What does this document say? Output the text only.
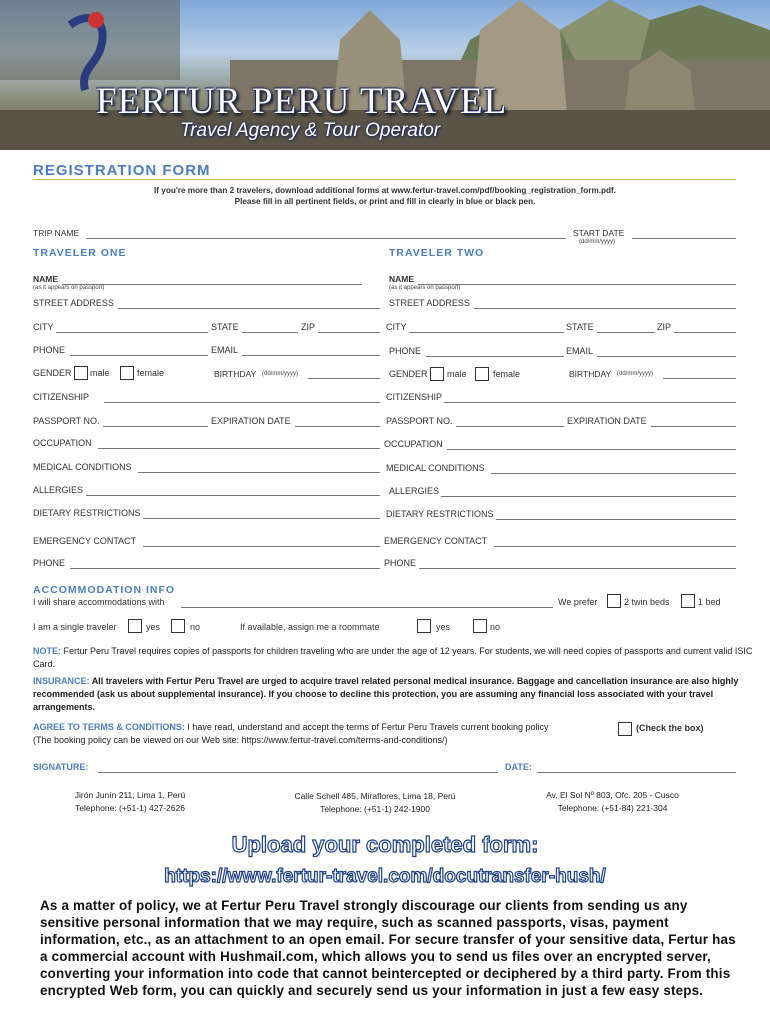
FERTUR PERU TRAVEL
Travel Agency & Tour Operator
REGISTRATION FORM
If you're more than 2 travelers, download additional forms at www.fertur-travel.com/pdf/booking_registration_form.pdf.
Please fill in all pertinent fields, or print and fill in clearly in blue or black pen.
TRIP NAME	START DATE
(dd/mm/yyyy)
TRAVELER ONE	TRAVELER TWO
NAME
(as it appears on passport)
STREET ADDRESS
CITY	STATE	ZIP
PHONE	EMAIL
GENDER male	female	BIRTHDAY (dd/mm/yyyy)
CITIZENSHIP
PASSPORT NO.	EXPIRATION DATE
OCCUPATION
MEDICAL CONDITIONS
ALLERGIES
DIETARY RESTRICTIONS
EMERGENCY CONTACT
PHONE
NAME
(as it appears on passport)
STREET ADDRESS
CITY	STATE	ZIP
PHONE	EMAIL
GENDER male	female	BIRTHDAY (dd/mm/yyyy)
CITIZENSHIP
PASSPORT NO.	EXPIRATION DATE
OCCUPATION
MEDICAL CONDITIONS
ALLERGIES
DIETARY RESTRICTIONS
EMERGENCY CONTACT
PHONE
ACCOMMODATION INFO
I will share accommodations with	We prefer	2 twin beds	1 bed
I am a single traveler	yes	no	If available, assign me a roommate	yes	no
NOTE: Fertur Peru Travel requires copies of passports for children traveling who are under the age of 12 years. For students, we will need copies of passports and current valid ISIC Card.
INSURANCE: All travelers with Fertur Peru Travel are urged to acquire travel related personal medical insurance. Baggage and cancellation insurance are also highly recommended (ask us about supplemental insurance). If you choose to decline this protection, you are assuming any financial loss associated with your travel arrangements.
AGREE TO TERMS & CONDITIONS: I have read, understand and accept the terms of Fertur Peru Travels current booking policy
(The booking policy can be viewed on our Web site: https://www.fertur-travel.com/terms-and-conditions/)
(Check the box)
SIGNATURE:	DATE:
Jirón Junín 211, Lima 1, Perú
Telephone: (+51-1) 427-2626
Calle Schell 485, Miraflores, Lima 18, Perú
Telephone: (+51-1) 242-1900
Av. El Sol Nº 803, Ofc. 205 - Cusco
Telephone: (+51-84) 221-304
Upload your completed form:
https://www.fertur-travel.com/docutransfer-hush/
As a matter of policy, we at Fertur Peru Travel strongly discourage our clients from sending us any sensitive personal information that we may require, such as scanned passports, visas, payment information, etc., as an attachment to an open email. For secure transfer of your sensitive data, Fertur has a commercial account with Hushmail.com, which allows you to send us files over an encrypted server, converting your information into code that cannot beintercepted or deciphered by a third party. From this encrypted Web form, you can quickly and securely send us your information in just a few easy steps.
